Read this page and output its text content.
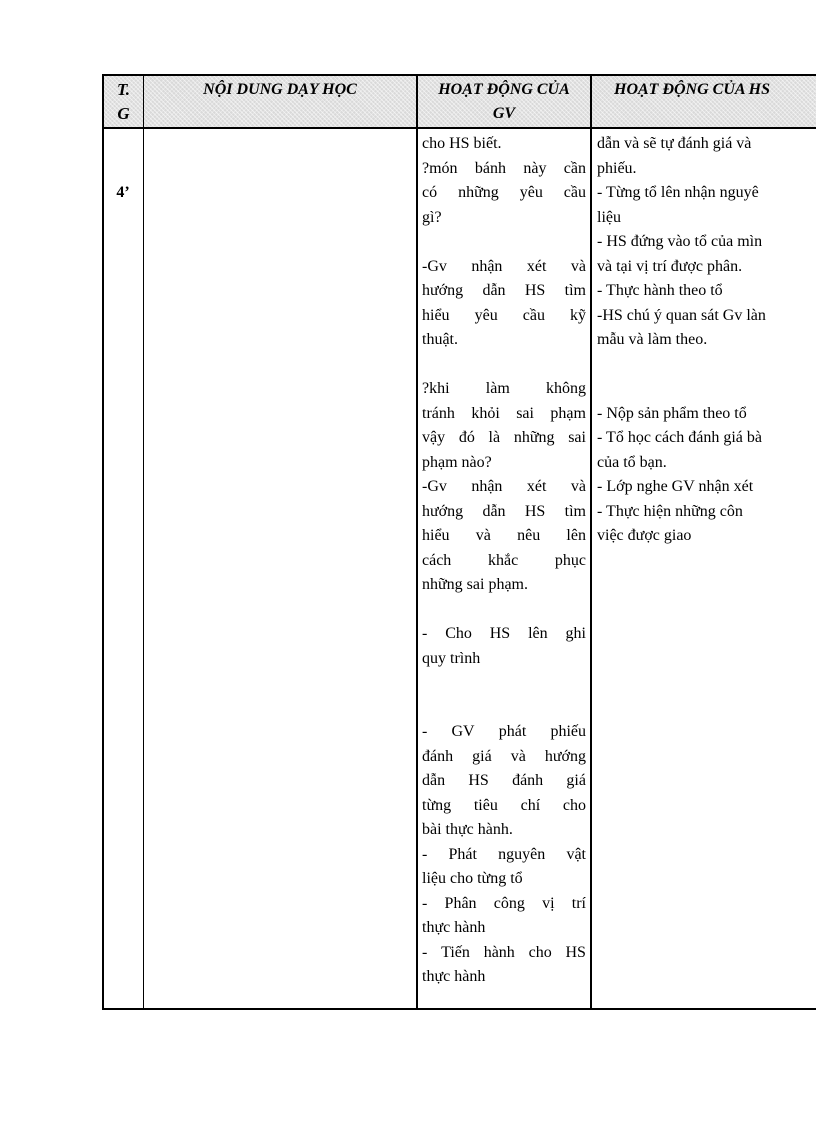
T.
G
NỘI DUNG DẠY HỌC	HOẠT ĐỘNG CỦA
GV
HOẠT ĐỘNG CỦA HS
4’
cho HS biết.
?món bánh này cần
có những yêu cầu
gì?
-Gv nhận xét và
hướng dẫn HS tìm
hiểu yêu cầu kỹ
thuật.
?khi làm không
tránh khỏi sai phạm
vậy đó là những sai
phạm nào?
-Gv nhận xét và
hướng dẫn HS tìm
hiểu và nêu lên
cách khắc phục
những sai phạm.
- Cho HS lên ghi
quy trình
- GV phát phiếu
đánh giá và hướng
dẫn HS đánh giá
từng tiêu chí cho
bài thực hành.
- Phát nguyên vật
liệu cho từng tổ
- Phân công vị trí
thực hành
- Tiến hành cho HS
thực hành
dẫn và sẽ tự đánh giá và
phiếu.
- Từng tổ lên nhận nguyê
liệu
- HS đứng vào tổ của mìn
và tại vị trí được phân.
- Thực hành theo tổ
-HS chú ý quan sát Gv làn
mẫu và làm theo.
- Nộp sản phẩm theo tổ
- Tổ học cách đánh giá bà
của tổ bạn.
- Lớp nghe GV nhận xét
- Thực hiện những côn
việc được giao
